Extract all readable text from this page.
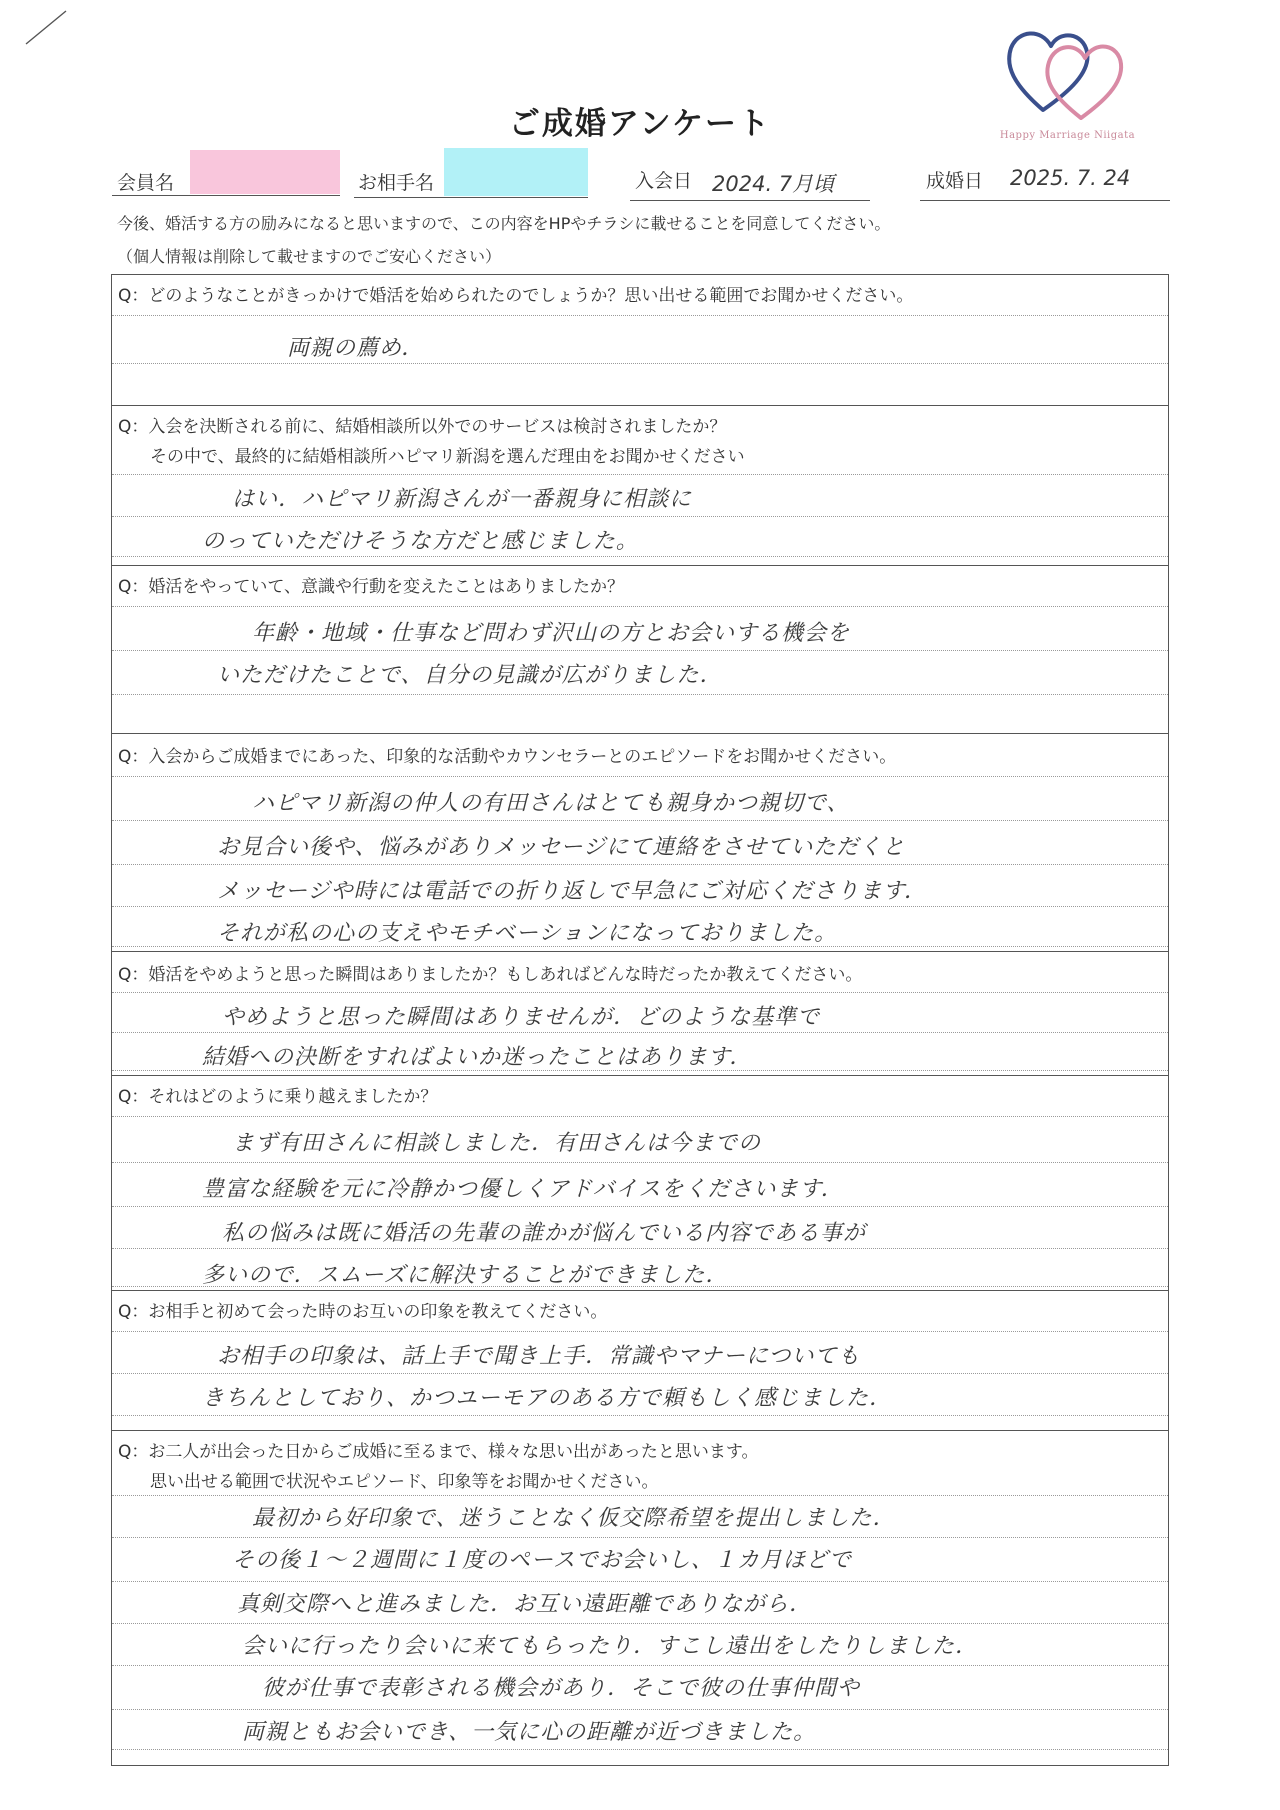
Happy Marriage Niigata
ご成婚アンケート
会員名	お相手名	入会日 2024. 7月頃	成婚日 2025. 7. 24
今後、婚活する方の励みになると思いますので、この内容をHPやチラシに載せることを同意してください。
（個人情報は削除して載せますのでご安心ください）
Q：どのようなことがきっかけで婚活を始められたのでしょうか？思い出せる範囲でお聞かせください。
両親の薦め．
Q：入会を決断される前に、結婚相談所以外でのサービスは検討されましたか？
その中で、最終的に結婚相談所ハピマリ新潟を選んだ理由をお聞かせください
はい．ハピマリ新潟さんが一番親身に相談に
のっていただけそうな方だと感じました。
Q：婚活をやっていて、意識や行動を変えたことはありましたか？
年齢・地域・仕事など問わず沢山の方とお会いする機会を
いただけたことで、自分の見識が広がりました．
Q：入会からご成婚までにあった、印象的な活動やカウンセラーとのエピソードをお聞かせください。
ハピマリ新潟の仲人の有田さんはとても親身かつ親切で、
お見合い後や、悩みがありメッセージにて連絡をさせていただくと
メッセージや時には電話での折り返しで早急にご対応くださります．
それが私の心の支えやモチベーションになっておりました。
Q：婚活をやめようと思った瞬間はありましたか？もしあればどんな時だったか教えてください。
やめようと思った瞬間はありませんが．どのような基準で
結婚への決断をすればよいか迷ったことはあります．
Q：それはどのように乗り越えましたか？
まず有田さんに相談しました．有田さんは今までの
豊富な経験を元に冷静かつ優しくアドバイスをくださいます．
私の悩みは既に婚活の先輩の誰かが悩んでいる内容である事が
多いので．スムーズに解決することができました．
Q：お相手と初めて会った時のお互いの印象を教えてください。
お相手の印象は、話上手で聞き上手．常識やマナーについても
きちんとしており、かつユーモアのある方で頼もしく感じました．
Q：お二人が出会った日からご成婚に至るまで、様々な思い出があったと思います。
思い出せる範囲で状況やエピソード、印象等をお聞かせください。
最初から好印象で、迷うことなく仮交際希望を提出しました．
その後１〜２週間に１度のペースでお会いし、１カ月ほどで
真剣交際へと進みました．お互い遠距離でありながら．
会いに行ったり会いに来てもらったり．すこし遠出をしたりしました．
彼が仕事で表彰される機会があり．そこで彼の仕事仲間や
両親ともお会いでき、一気に心の距離が近づきました。
